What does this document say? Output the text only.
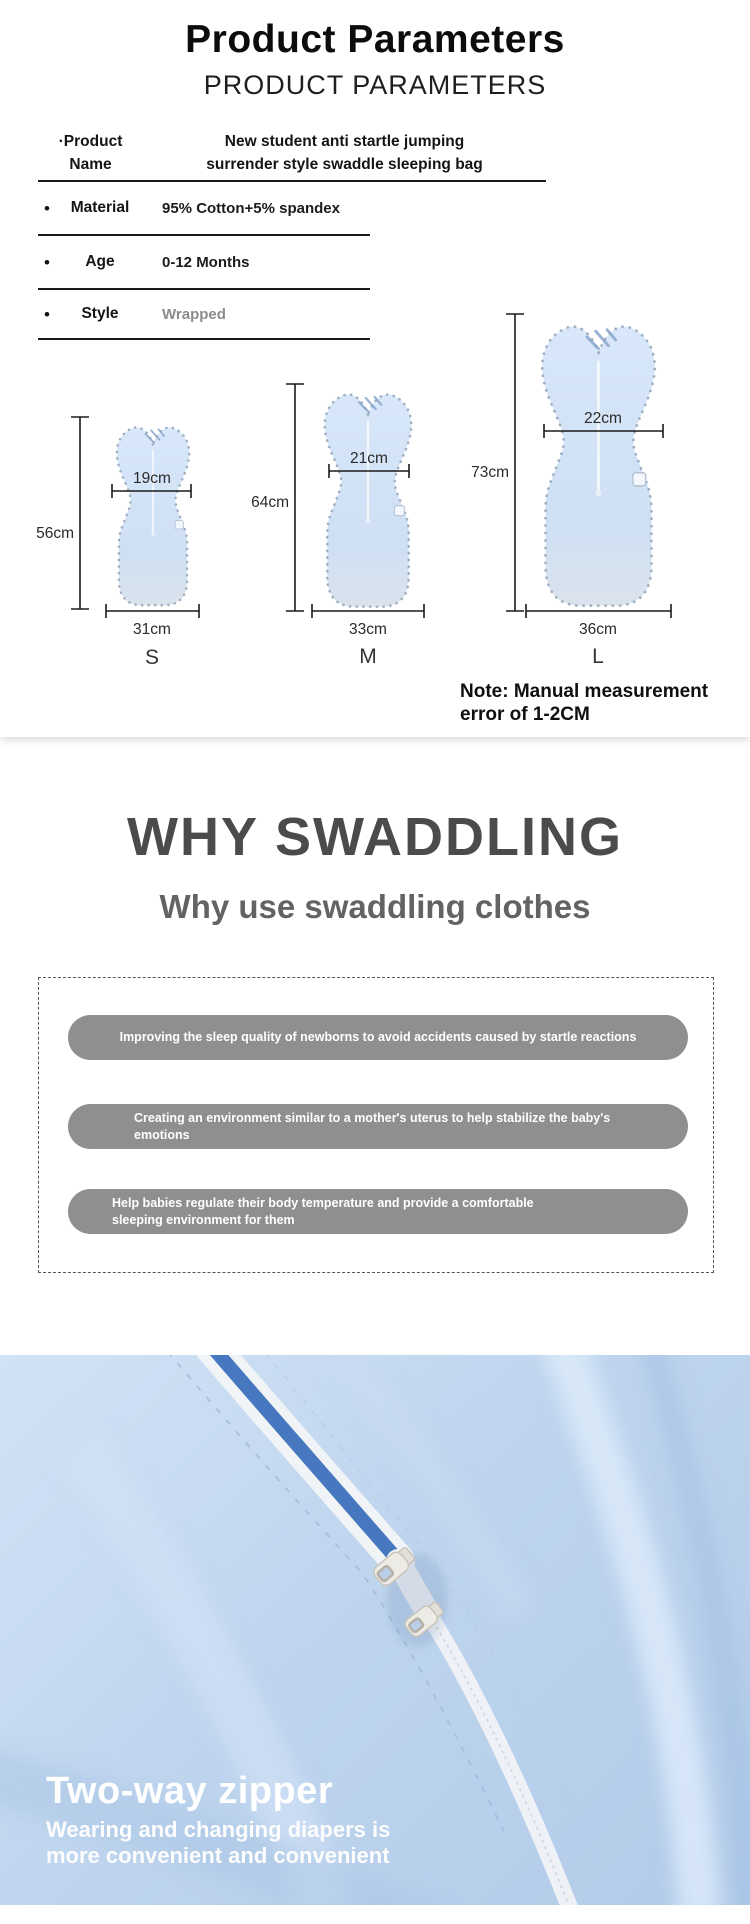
Product Parameters
PRODUCT PARAMETERS
·Product Name
New student anti startle jumping surrender style swaddle sleeping bag
•	Material	95% Cotton+5% spandex
•	Age	0-12 Months
•	Style	Wrapped
56cm
19cm
31cm
S
64cm
21cm
33cm
M
73cm
22cm
36cm
L
Note: Manual measurement error of 1-2CM
WHY SWADDLING
Why use swaddling clothes
Improving the sleep quality of newborns to avoid accidents caused by startle reactions
Creating an environment similar to a mother's uterus to help stabilize the baby's emotions
Help babies regulate their body temperature and provide a comfortable sleeping environment for them
Two-way zipper
Wearing and changing diapers is more convenient and convenient
